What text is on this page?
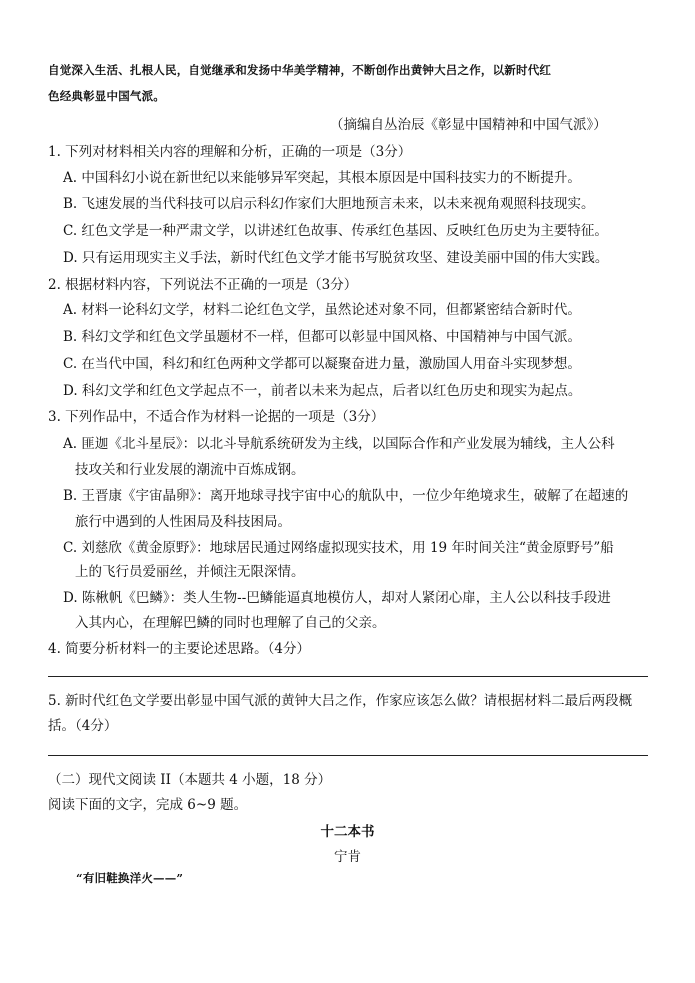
自觉深入生活、扎根人民，自觉继承和发扬中华美学精神，不断创作出黄钟大吕之作，以新时代红
色经典彰显中国气派。
（摘编自丛治辰《彰显中国精神和中国气派》）
1. 下列对材料相关内容的理解和分析，正确的一项是（3分）
A. 中国科幻小说在新世纪以来能够异军突起，其根本原因是中国科技实力的不断提升。
B. 飞速发展的当代科技可以启示科幻作家们大胆地预言未来，以未来视角观照科技现实。
C. 红色文学是一种严肃文学，以讲述红色故事、传承红色基因、反映红色历史为主要特征。
D. 只有运用现实主义手法，新时代红色文学才能书写脱贫攻坚、建设美丽中国的伟大实践。
2. 根据材料内容，下列说法不正确的一项是（3分）
A. 材料一论科幻文学，材料二论红色文学，虽然论述对象不同，但都紧密结合新时代。
B. 科幻文学和红色文学虽题材不一样，但都可以彰显中国风格、中国精神与中国气派。
C. 在当代中国，科幻和红色两种文学都可以凝聚奋进力量，激励国人用奋斗实现梦想。
D. 科幻文学和红色文学起点不一，前者以未来为起点，后者以红色历史和现实为起点。
3. 下列作品中，不适合作为材料一论据的一项是（3分）
A. 匪迦《北斗星辰》：以北斗导航系统研发为主线，以国际合作和产业发展为辅线，主人公科
技攻关和行业发展的潮流中百炼成钢。
B. 王晋康《宇宙晶卵》：离开地球寻找宇宙中心的航队中，一位少年绝境求生，破解了在超速的
旅行中遇到的人性困局及科技困局。
C. 刘慈欣《黄金原野》：地球居民通过网络虚拟现实技术，用 19 年时间关注“黄金原野号”船
上的飞行员爱丽丝，并倾注无限深情。
D. 陈楸帆《巴鳞》：类人生物--巴鳞能逼真地模仿人，却对人紧闭心扉，主人公以科技手段进
入其内心，在理解巴鳞的同时也理解了自己的父亲。
4. 简要分析材料一的主要论述思路。（4分）
5. 新时代红色文学要出彰显中国气派的黄钟大吕之作，作家应该怎么做？请根据材料二最后两段概
括。（4分）
（二）现代文阅读 II（本题共 4 小题，18 分）
阅读下面的文字，完成 6~9 题。
十二本书
宁肯
“有旧鞋换洋火——”
